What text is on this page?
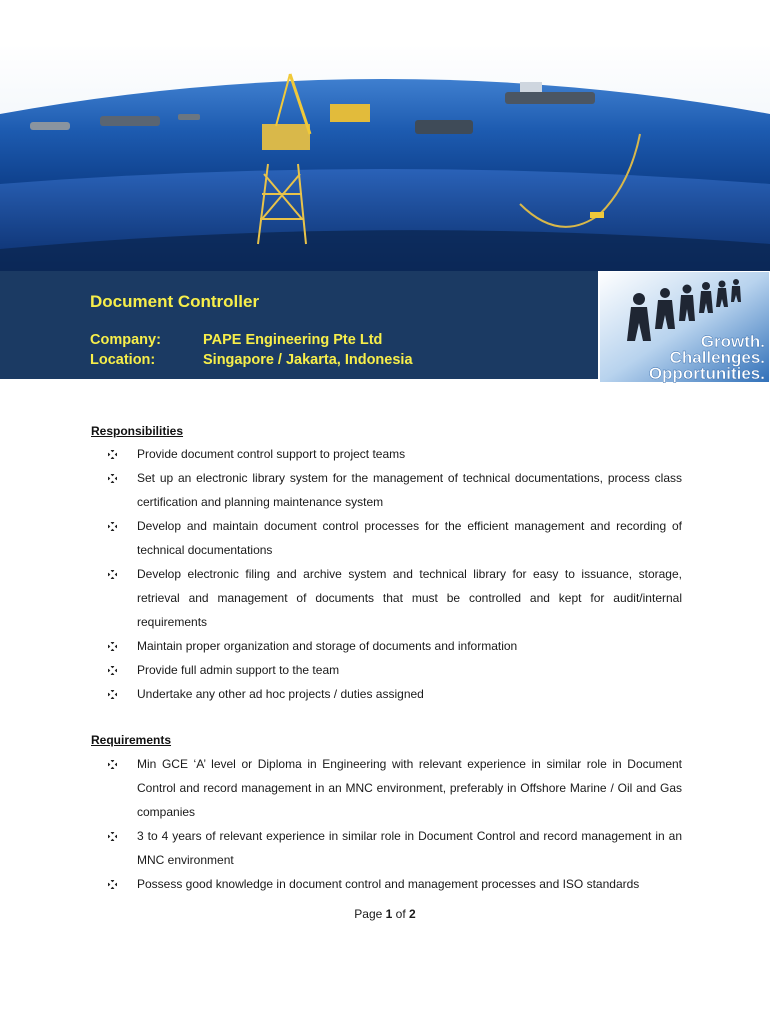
Document Controller
Company:	PAPE Engineering Pte Ltd
Location:	Singapore / Jakarta, Indonesia
Growth.
Challenges.
Opportunities.
Responsibilities
Provide document control support to project teams
Set up an electronic library system for the management of technical documentations, process class certification and planning maintenance system
Develop and maintain document control processes for the efficient management and recording of technical documentations
Develop electronic filing and archive system and technical library for easy to issuance, storage, retrieval and management of documents that must be controlled and kept for audit/internal requirements
Maintain proper organization and storage of documents and information
Provide full admin support to the team
Undertake any other ad hoc projects / duties assigned
Requirements
Min GCE ‘A’ level or Diploma in Engineering with relevant experience in similar role in Document Control and record management in an MNC environment, preferably in Offshore Marine / Oil and Gas companies
3 to 4 years of relevant experience in similar role in Document Control and record management in an MNC environment
Possess good knowledge in document control and management processes and ISO standards
Page 1 of 2
